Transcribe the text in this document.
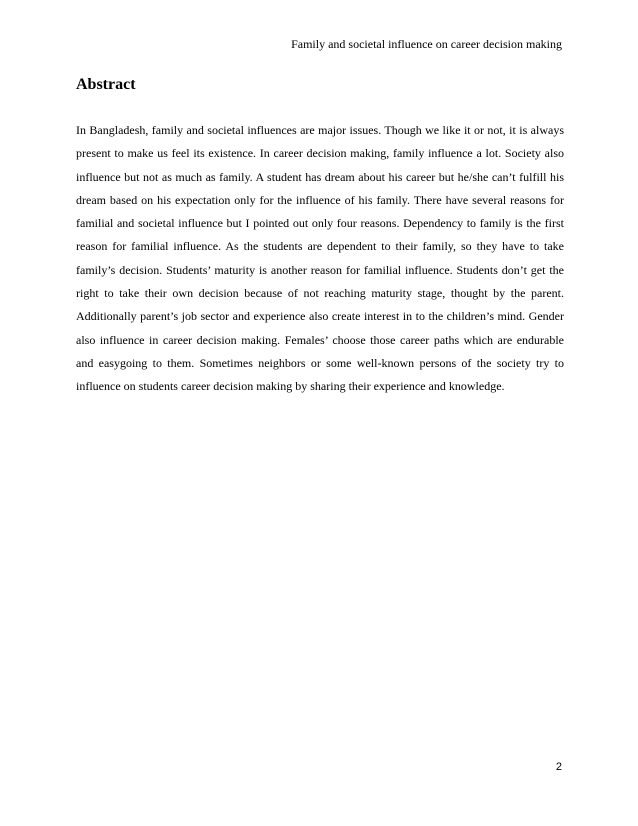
Family and societal influence on career decision making
Abstract

In Bangladesh, family and societal influences are major issues. Though we like it or not, it is always present to make us feel its existence. In career decision making, family influence a lot. Society also influence but not as much as family. A student has dream about his career but he/she can’t fulfill his dream based on his expectation only for the influence of his family. There have several reasons for familial and societal influence but I pointed out only four reasons. Dependency to family is the first reason for familial influence. As the students are dependent to their family, so they have to take family’s decision. Students’ maturity is another reason for familial influence. Students don’t get the right to take their own decision because of not reaching maturity stage, thought by the parent. Additionally parent’s job sector and experience also create interest in to the children’s mind. Gender also influence in career decision making. Females’ choose those career paths which are endurable and easygoing to them. Sometimes neighbors or some well-known persons of the society try to influence on students career decision making by sharing their experience and knowledge.

2
